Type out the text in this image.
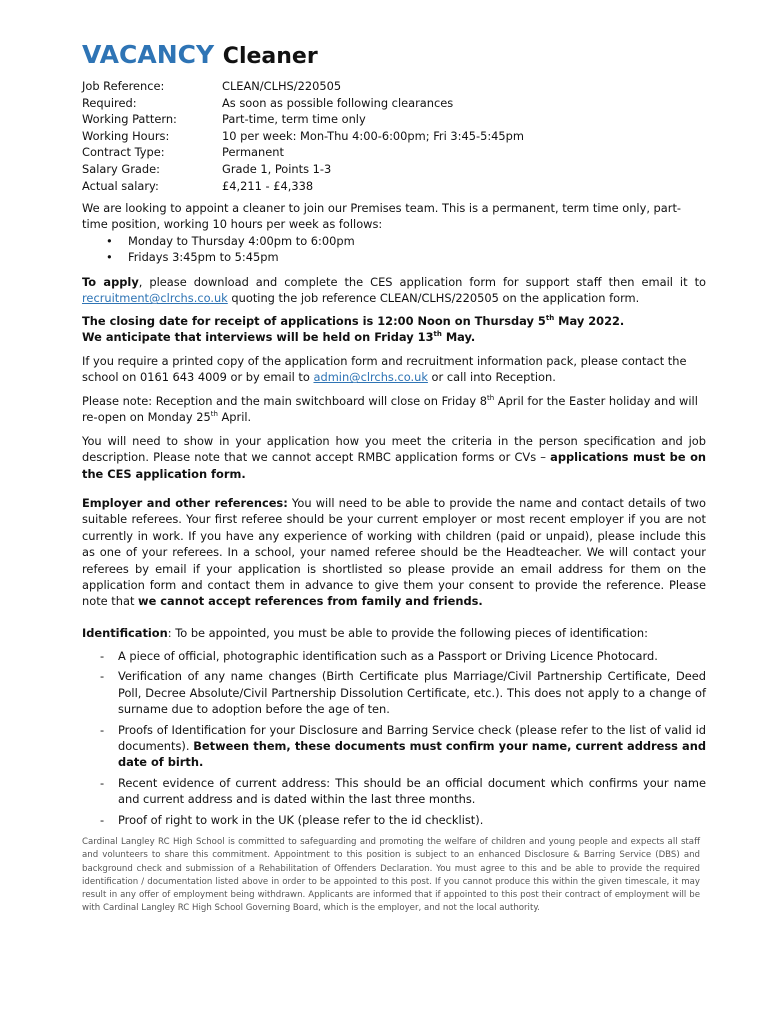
VACANCY Cleaner
Job Reference:	CLEAN/CLHS/220505
Required:	As soon as possible following clearances
Working Pattern:	Part-time, term time only
Working Hours:	10 per week: Mon-Thu 4:00-6:00pm; Fri 3:45-5:45pm
Contract Type:	Permanent
Salary Grade:	Grade 1, Points 1-3
Actual salary:	£4,211 - £4,338
We are looking to appoint a cleaner to join our Premises team. This is a permanent, term time only, part-time position, working 10 hours per week as follows:
• Monday to Thursday 4:00pm to 6:00pm
• Fridays 3:45pm to 5:45pm

To apply, please download and complete the CES application form for support staff then email it to recruitment@clrchs.co.uk quoting the job reference CLEAN/CLHS/220505 on the application form.

The closing date for receipt of applications is 12:00 Noon on Thursday 5th May 2022.
We anticipate that interviews will be held on Friday 13th May.

If you require a printed copy of the application form and recruitment information pack, please contact the school on 0161 643 4009 or by email to admin@clrchs.co.uk or call into Reception.

Please note: Reception and the main switchboard will close on Friday 8th April for the Easter holiday and will re-open on Monday 25th April.

You will need to show in your application how you meet the criteria in the person specification and job description. Please note that we cannot accept RMBC application forms or CVs – applications must be on the CES application form.

Employer and other references: You will need to be able to provide the name and contact details of two suitable referees. Your first referee should be your current employer or most recent employer if you are not currently in work. If you have any experience of working with children (paid or unpaid), please include this as one of your referees. In a school, your named referee should be the Headteacher. We will contact your referees by email if your application is shortlisted so please provide an email address for them on the application form and contact them in advance to give them your consent to provide the reference. Please note that we cannot accept references from family and friends.

Identification: To be appointed, you must be able to provide the following pieces of identification:

- A piece of official, photographic identification such as a Passport or Driving Licence Photocard.
- Verification of any name changes (Birth Certificate plus Marriage/Civil Partnership Certificate, Deed Poll, Decree Absolute/Civil Partnership Dissolution Certificate, etc.). This does not apply to a change of surname due to adoption before the age of ten.
- Proofs of Identification for your Disclosure and Barring Service check (please refer to the list of valid id documents). Between them, these documents must confirm your name, current address and date of birth.
- Recent evidence of current address: This should be an official document which confirms your name and current address and is dated within the last three months.
- Proof of right to work in the UK (please refer to the id checklist).
Cardinal Langley RC High School is committed to safeguarding and promoting the welfare of children and young people and expects all staff and volunteers to share this commitment. Appointment to this position is subject to an enhanced Disclosure & Barring Service (DBS) and background check and submission of a Rehabilitation of Offenders Declaration. You must agree to this and be able to provide the required identification / documentation listed above in order to be appointed to this post. If you cannot produce this within the given timescale, it may result in any offer of employment being withdrawn. Applicants are informed that if appointed to this post their contract of employment will be with Cardinal Langley RC High School Governing Board, which is the employer, and not the local authority.
